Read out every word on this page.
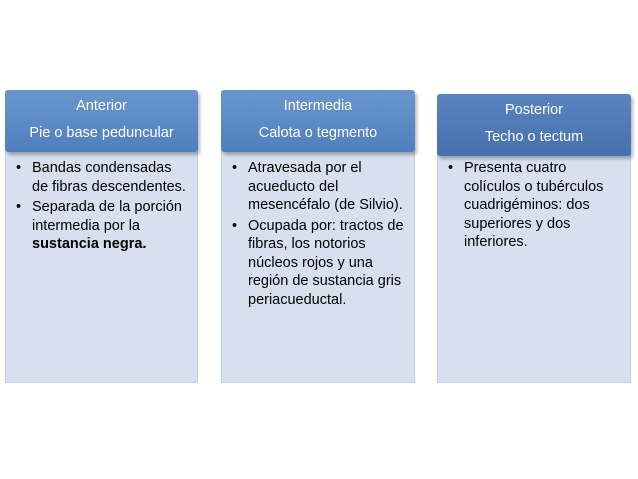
Anterior
Pie o base peduncular
• Bandas condensadas de fibras descendentes.
• Separada de la porción intermedia por la sustancia negra.
Intermedia
Calota o tegmento
• Atravesada por el acueducto del mesencéfalo (de Silvio).
• Ocupada por: tractos de fibras, los notorios núcleos rojos y una región de sustancia gris periacueductal.
Posterior
Techo o tectum
• Presenta cuatro colículos o tubérculos cuadrigéminos: dos superiores y dos inferiores.
